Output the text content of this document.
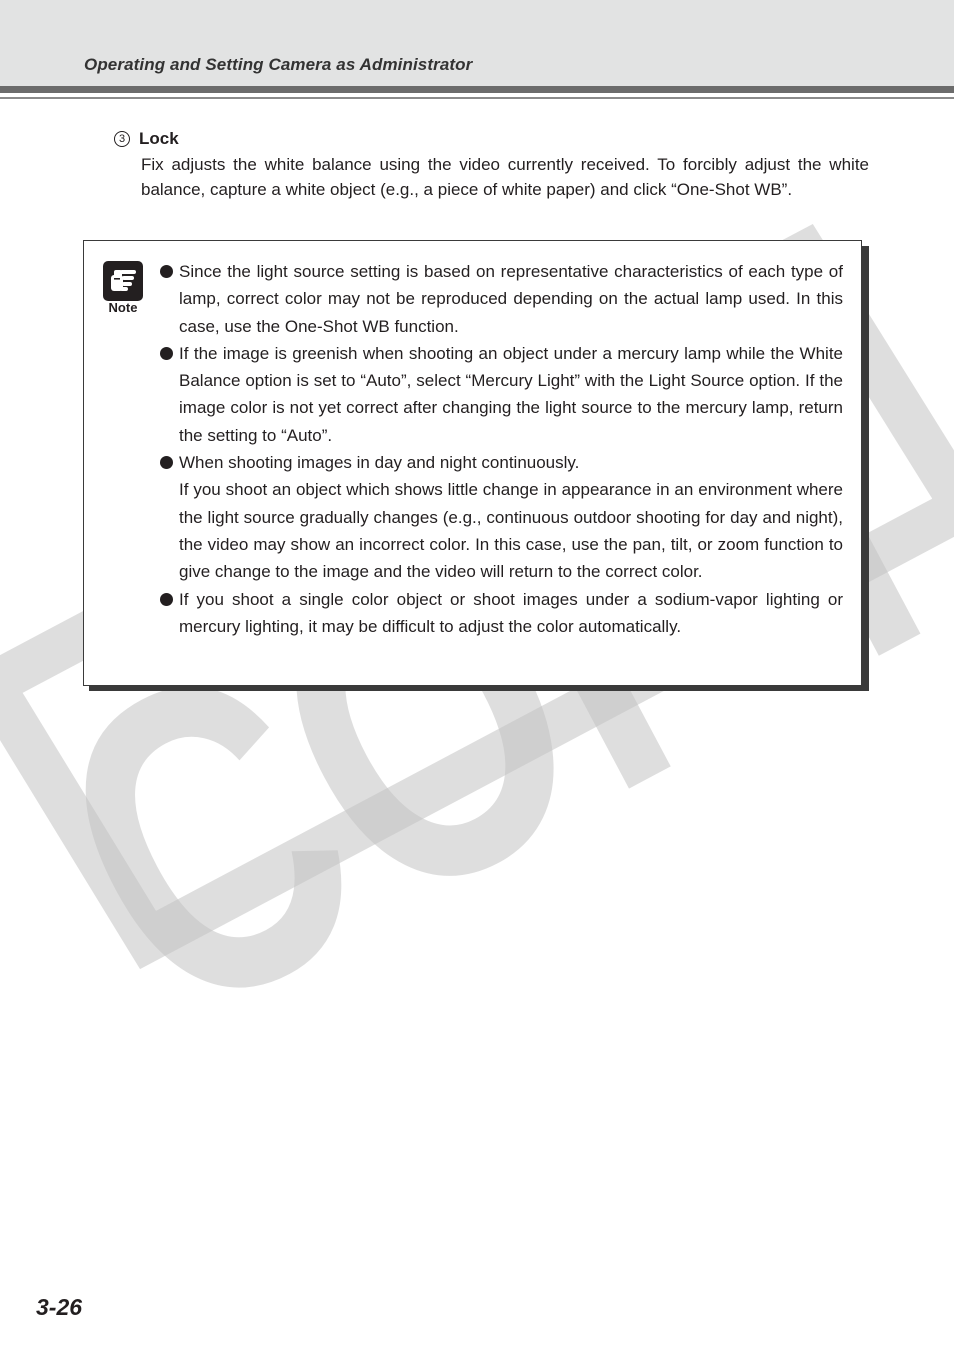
Operating and Setting Camera as Administrator
3 Lock
Fix adjusts the white balance using the video currently received. To forcibly adjust the white balance, capture a white object (e.g., a piece of white paper) and click “One-Shot WB”.
Note
Since the light source setting is based on representative characteristics of each type of lamp, correct color may not be reproduced depending on the actual lamp used. In this case, use the One-Shot WB function.
If the image is greenish when shooting an object under a mercury lamp while the White Balance option is set to “Auto”, select “Mercury Light” with the Light Source option. If the image color is not yet correct after changing the light source to the mercury lamp, return the setting to “Auto”.
When shooting images in day and night continuously.
If you shoot an object which shows little change in appearance in an environment where the light source gradually changes (e.g., continuous outdoor shooting for day and night), the video may show an incorrect color. In this case, use the pan, tilt, or zoom function to give change to the image and the video will return to the correct color.
If you shoot a single color object or shoot images under a sodium-vapor lighting or mercury lighting, it may be difficult to adjust the color automatically.
3-26
